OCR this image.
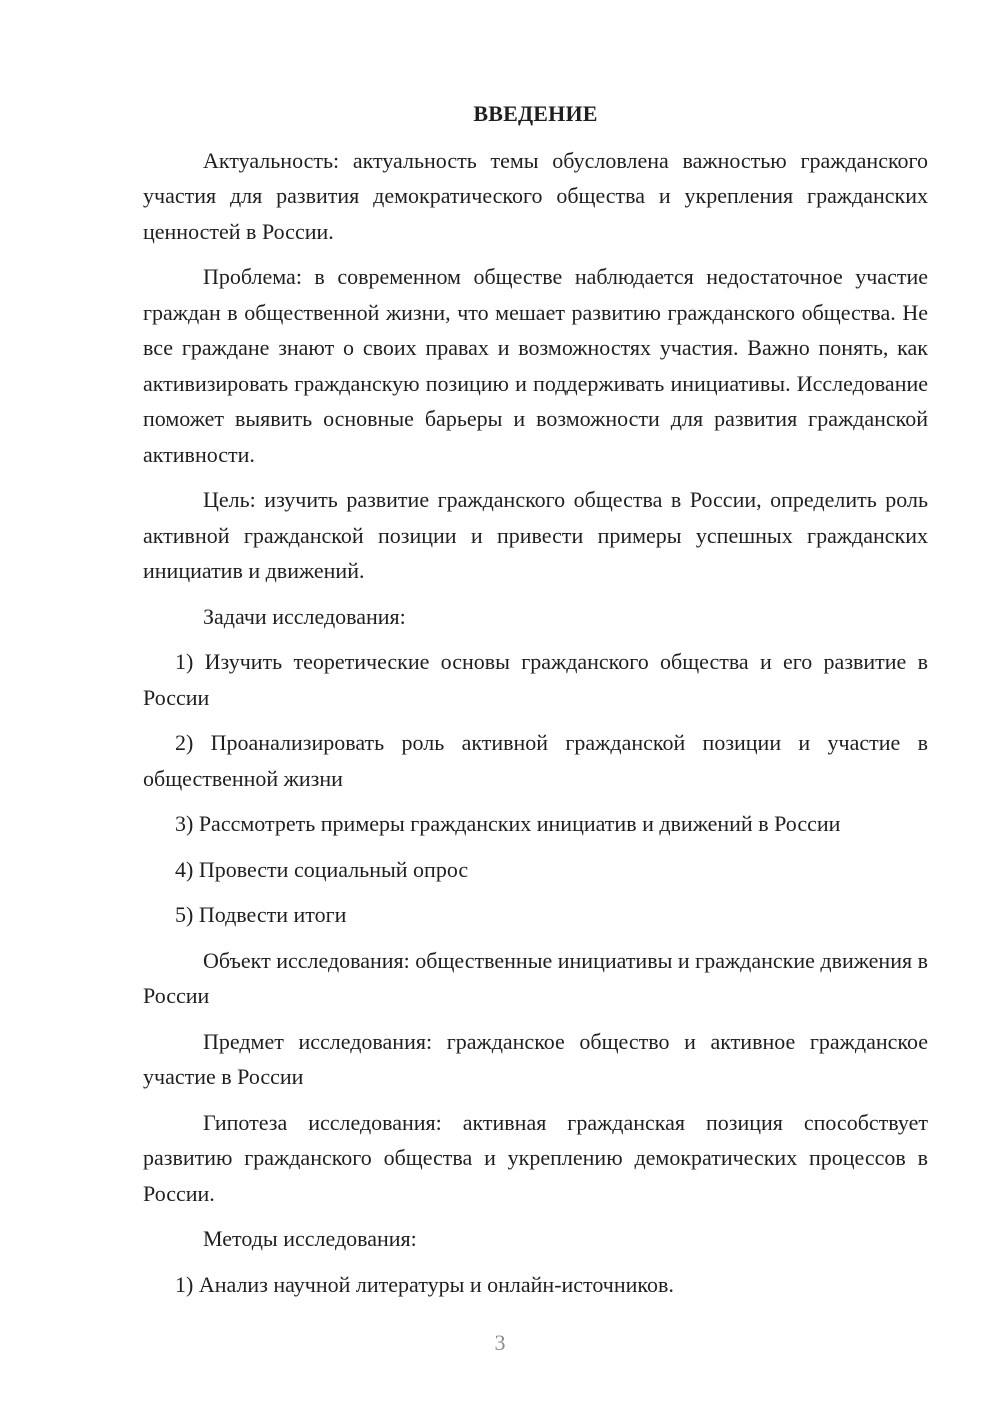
ВВЕДЕНИЕ

Актуальность: актуальность темы обусловлена важностью гражданского участия для развития демократического общества и укрепления гражданских ценностей в России.

Проблема: в современном обществе наблюдается недостаточное участие граждан в общественной жизни, что мешает развитию гражданского общества. Не все граждане знают о своих правах и возможностях участия. Важно понять, как активизировать гражданскую позицию и поддерживать инициативы. Исследование поможет выявить основные барьеры и возможности для развития гражданской активности.

Цель: изучить развитие гражданского общества в России, определить роль активной гражданской позиции и привести примеры успешных гражданских инициатив и движений.

Задачи исследования:

1) Изучить теоретические основы гражданского общества и его развитие в России

2) Проанализировать роль активной гражданской позиции и участие в общественной жизни

3) Рассмотреть примеры гражданских инициатив и движений в России

4) Провести социальный опрос

5) Подвести итоги

Объект исследования: общественные инициативы и гражданские движения в России

Предмет исследования: гражданское общество и активное гражданское участие в России

Гипотеза исследования: активная гражданская позиция способствует развитию гражданского общества и укреплению демократических процессов в России.

Методы исследования:

1) Анализ научной литературы и онлайн-источников.

3
